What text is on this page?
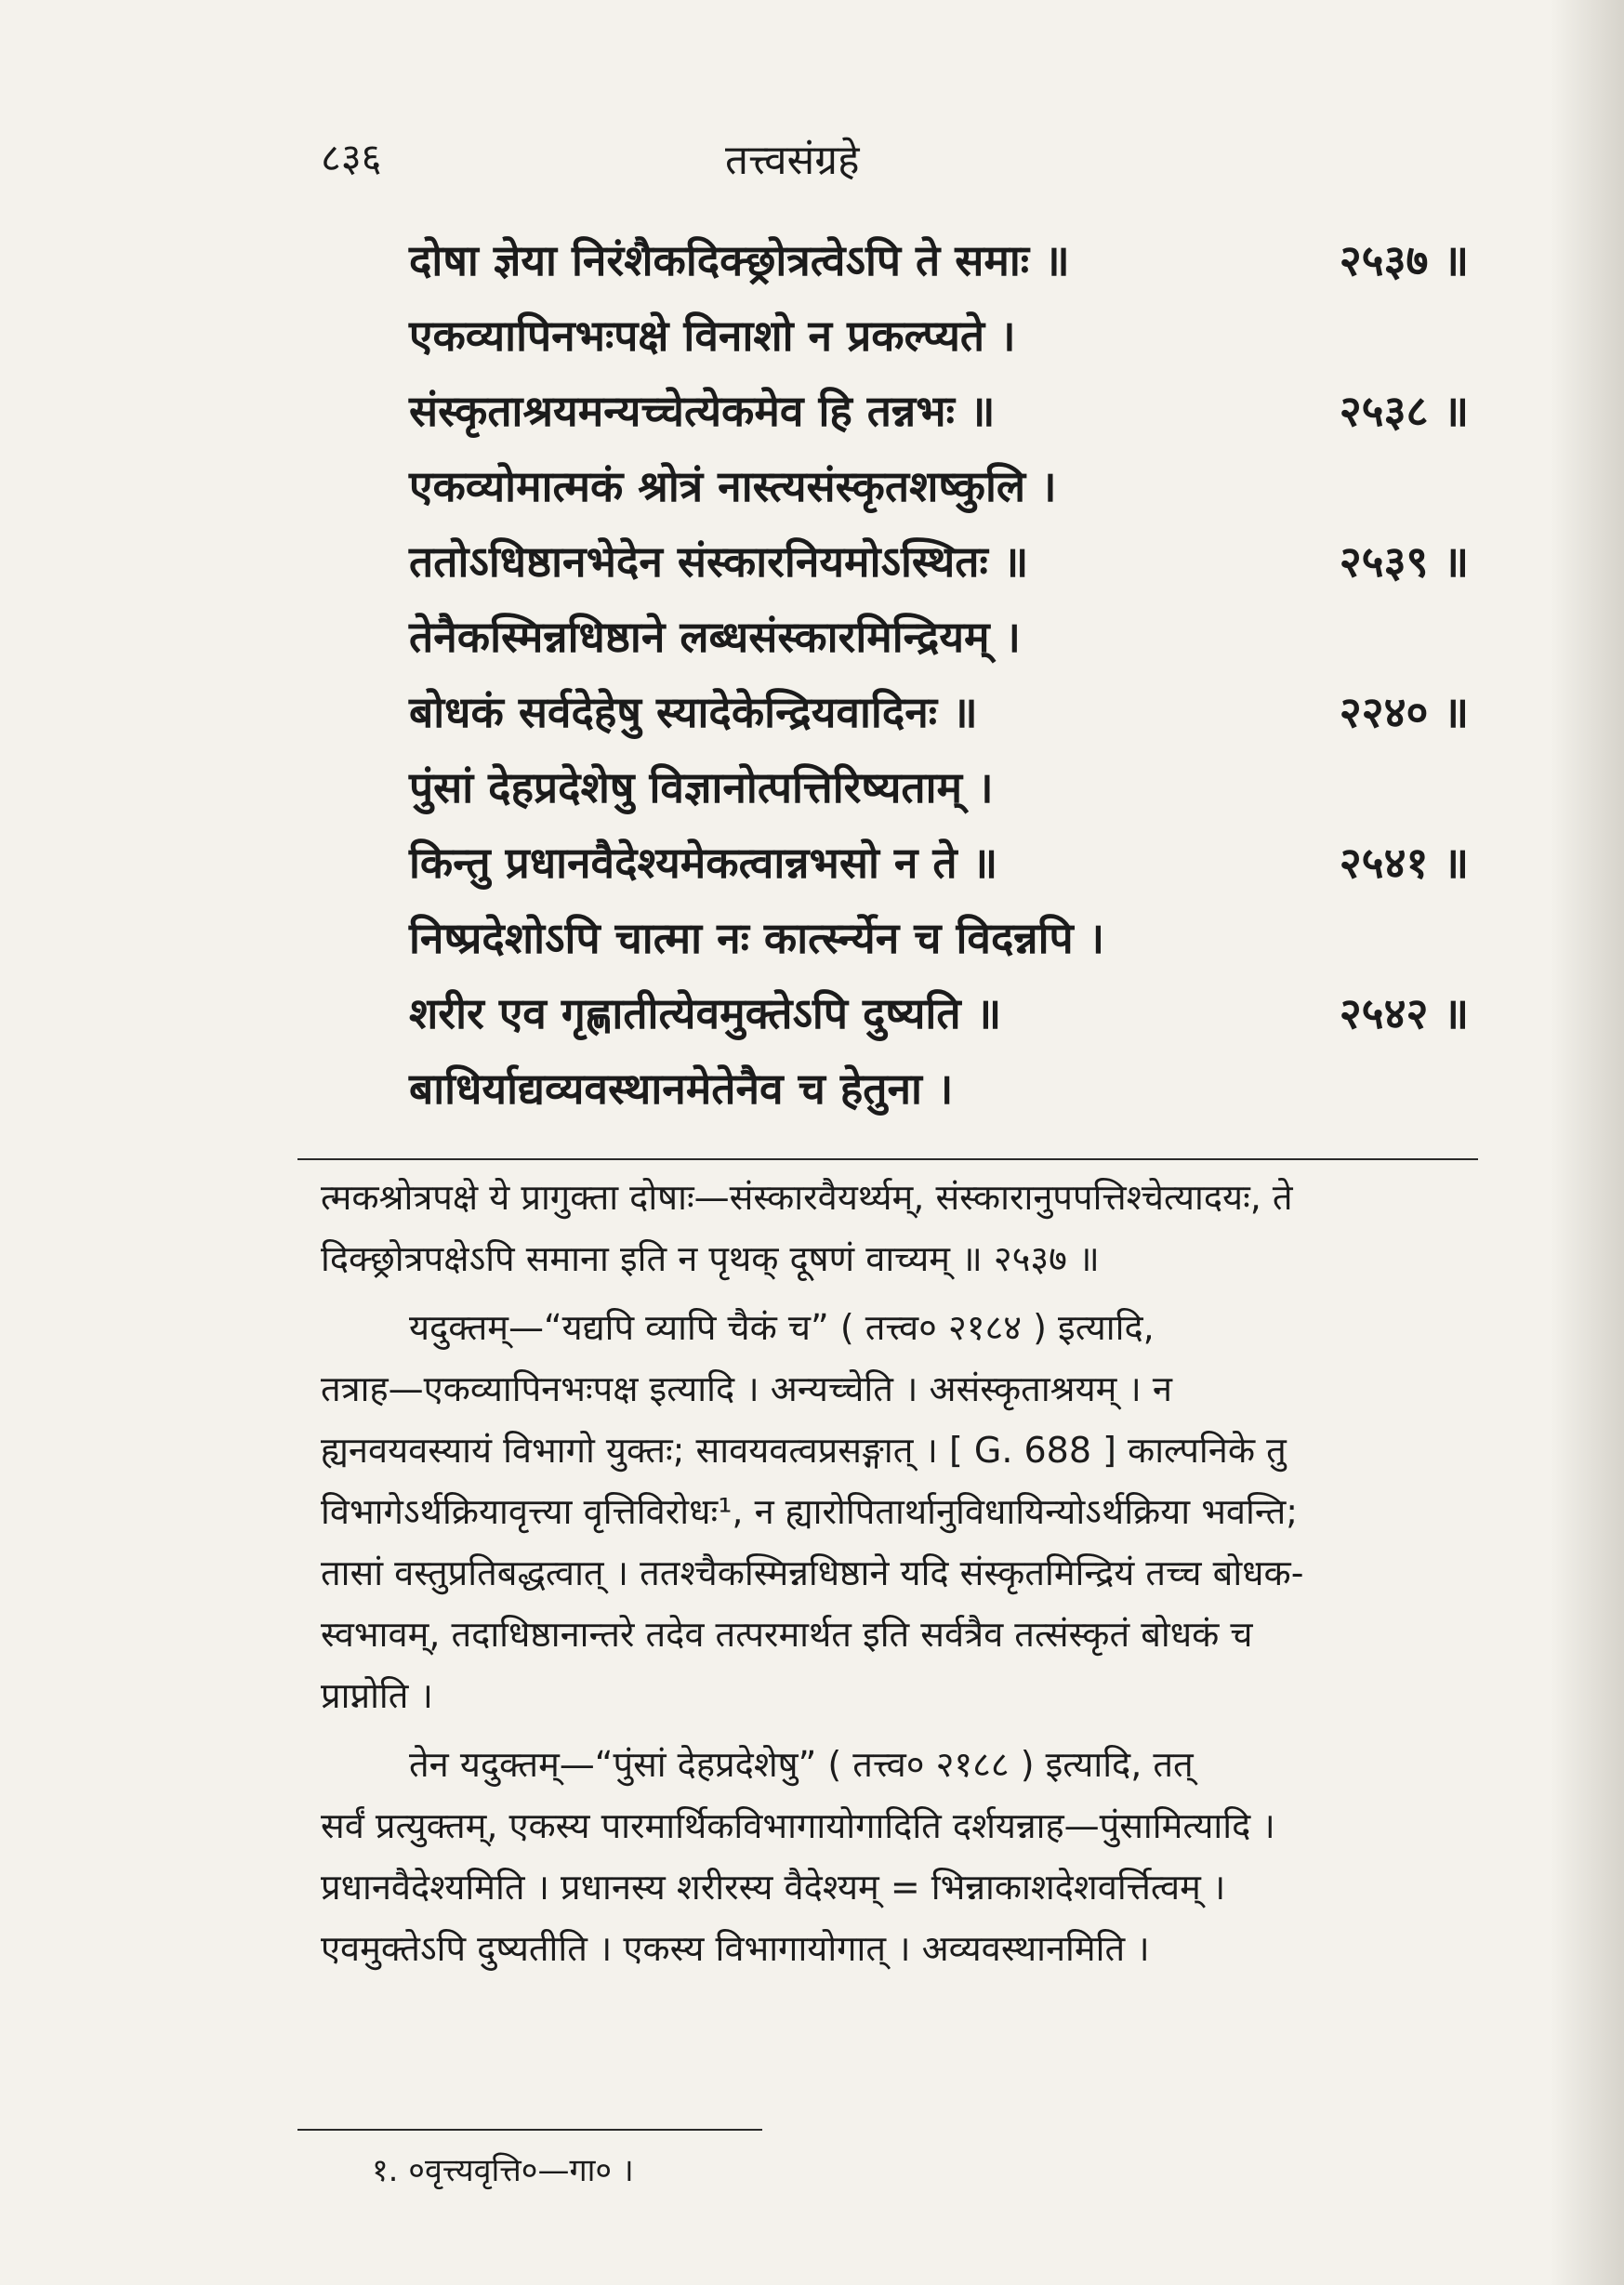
८३६	तत्त्वसंग्रहे
दोषा ज्ञेया निरंशैकदिक्छ्रोत्रत्वेऽपि ते समाः ॥	२५३७ ॥
एकव्यापिनभःपक्षे विनाशो न प्रकल्प्यते ।
संस्कृताश्रयमन्यच्चेत्येकमेव हि तन्नभः ॥	२५३८ ॥
एकव्योमात्मकं श्रोत्रं नास्त्यसंस्कृतशष्कुलि ।
ततोऽधिष्ठानभेदेन संस्कारनियमोऽस्थितः ॥	२५३९ ॥
तेनैकस्मिन्नधिष्ठाने लब्धसंस्कारमिन्द्रियम् ।
बोधकं सर्वदेहेषु स्यादेकेन्द्रियवादिनः ॥	२२४० ॥
पुंसां देहप्रदेशेषु विज्ञानोत्पत्तिरिष्यताम् ।
किन्तु प्रधानवैदेश्यमेकत्वान्नभसो न ते ॥	२५४१ ॥
निष्प्रदेशोऽपि चात्मा नः कार्त्स्न्येन च विदन्नपि ।
शरीर एव गृह्णातीत्येवमुक्तेऽपि दुष्यति ॥	२५४२ ॥
बाधिर्याद्यव्यवस्थानमेतेनैव च हेतुना ।

त्मकश्रोत्रपक्षे ये प्रागुक्ता दोषाः—संस्कारवैयर्थ्यम्, संस्कारानुपपत्तिश्चेत्यादयः, ते
दिक्छ्रोत्रपक्षेऽपि समाना इति न पृथक् दूषणं वाच्यम् ॥ २५३७ ॥

यदुक्तम्—“यद्यपि व्यापि चैकं च” ( तत्त्व० २१८४ ) इत्यादि,
तत्राह—एकव्यापिनभःपक्ष इत्यादि । अन्यच्चेति । असंस्कृताश्रयम् । न
ह्यनवयवस्यायं विभागो युक्तः; सावयवत्वप्रसङ्गात् । [ G. 688 ] काल्पनिके तु
विभागेऽर्थक्रियावृत्त्या वृत्तिविरोधः¹, न ह्यारोपितार्थानुविधायिन्योऽर्थक्रिया भवन्ति;
तासां वस्तुप्रतिबद्धत्वात् । ततश्चैकस्मिन्नधिष्ठाने यदि संस्कृतमिन्द्रियं तच्च बोधक-
स्वभावम्, तदाधिष्ठानान्तरे तदेव तत्परमार्थत इति सर्वत्रैव तत्संस्कृतं बोधकं च
प्राप्नोति ।

तेन यदुक्तम्—“पुंसां देहप्रदेशेषु” ( तत्त्व० २१८८ ) इत्यादि, तत्
सर्वं प्रत्युक्तम्, एकस्य पारमार्थिकविभागायोगादिति दर्शयन्नाह—पुंसामित्यादि ।
प्रधानवैदेश्यमिति । प्रधानस्य शरीरस्य वैदेश्यम् = भिन्नाकाशदेशवर्त्तित्वम् ।
एवमुक्तेऽपि दुष्यतीति । एकस्य विभागायोगात् । अव्यवस्थानमिति ।

१. ०वृत्त्यवृत्ति०—गा० ।
